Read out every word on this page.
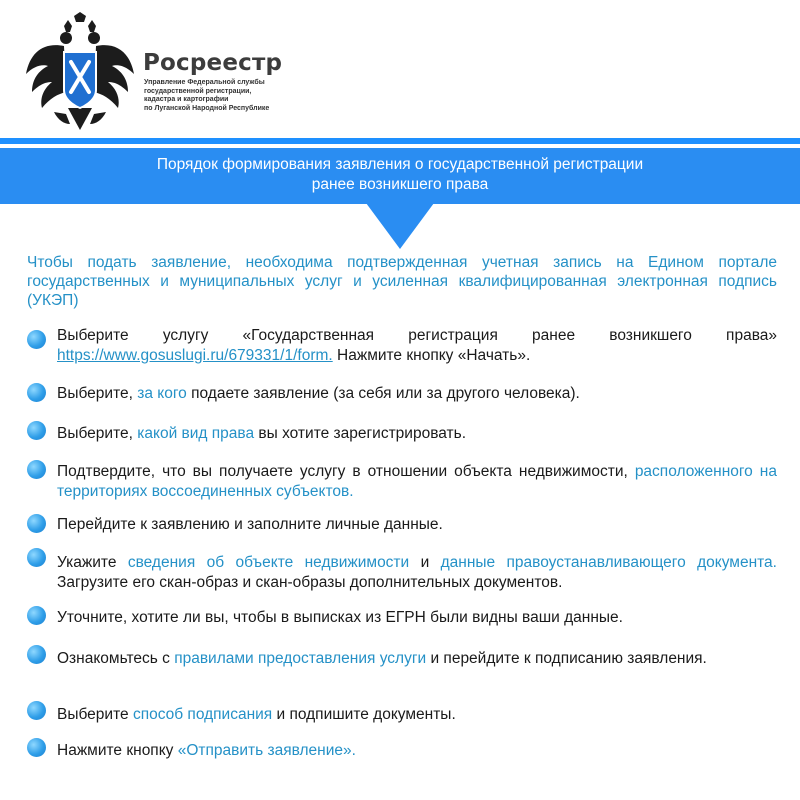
Росреестр
Управление Федеральной службы
государственной регистрации,
кадастра и картографии
по Луганской Народной Республике
Порядок формирования заявления о государственной регистрации
ранее возникшего права
Чтобы подать заявление, необходима подтвержденная учетная запись на Едином портале государственных и муниципальных услуг и усиленная квалифицированная электронная подпись (УКЭП)
Выберите услугу «Государственная регистрация ранее возникшего права» https://www.gosuslugi.ru/679331/1/form. Нажмите кнопку «Начать».
Выберите, за кого подаете заявление (за себя или за другого человека).
Выберите, какой вид права вы хотите зарегистрировать.
Подтвердите, что вы получаете услугу в отношении объекта недвижимости, расположенного на территориях воссоединенных субъектов.
Перейдите к заявлению и заполните личные данные.
Укажите сведения об объекте недвижимости и данные правоустанавливающего документа. Загрузите его скан-образ и скан-образы дополнительных документов.
Уточните, хотите ли вы, чтобы в выписках из ЕГРН были видны ваши данные.
Ознакомьтесь с правилами предоставления услуги и перейдите к подписанию заявления.
Выберите способ подписания и подпишите документы.
Нажмите кнопку «Отправить заявление».
